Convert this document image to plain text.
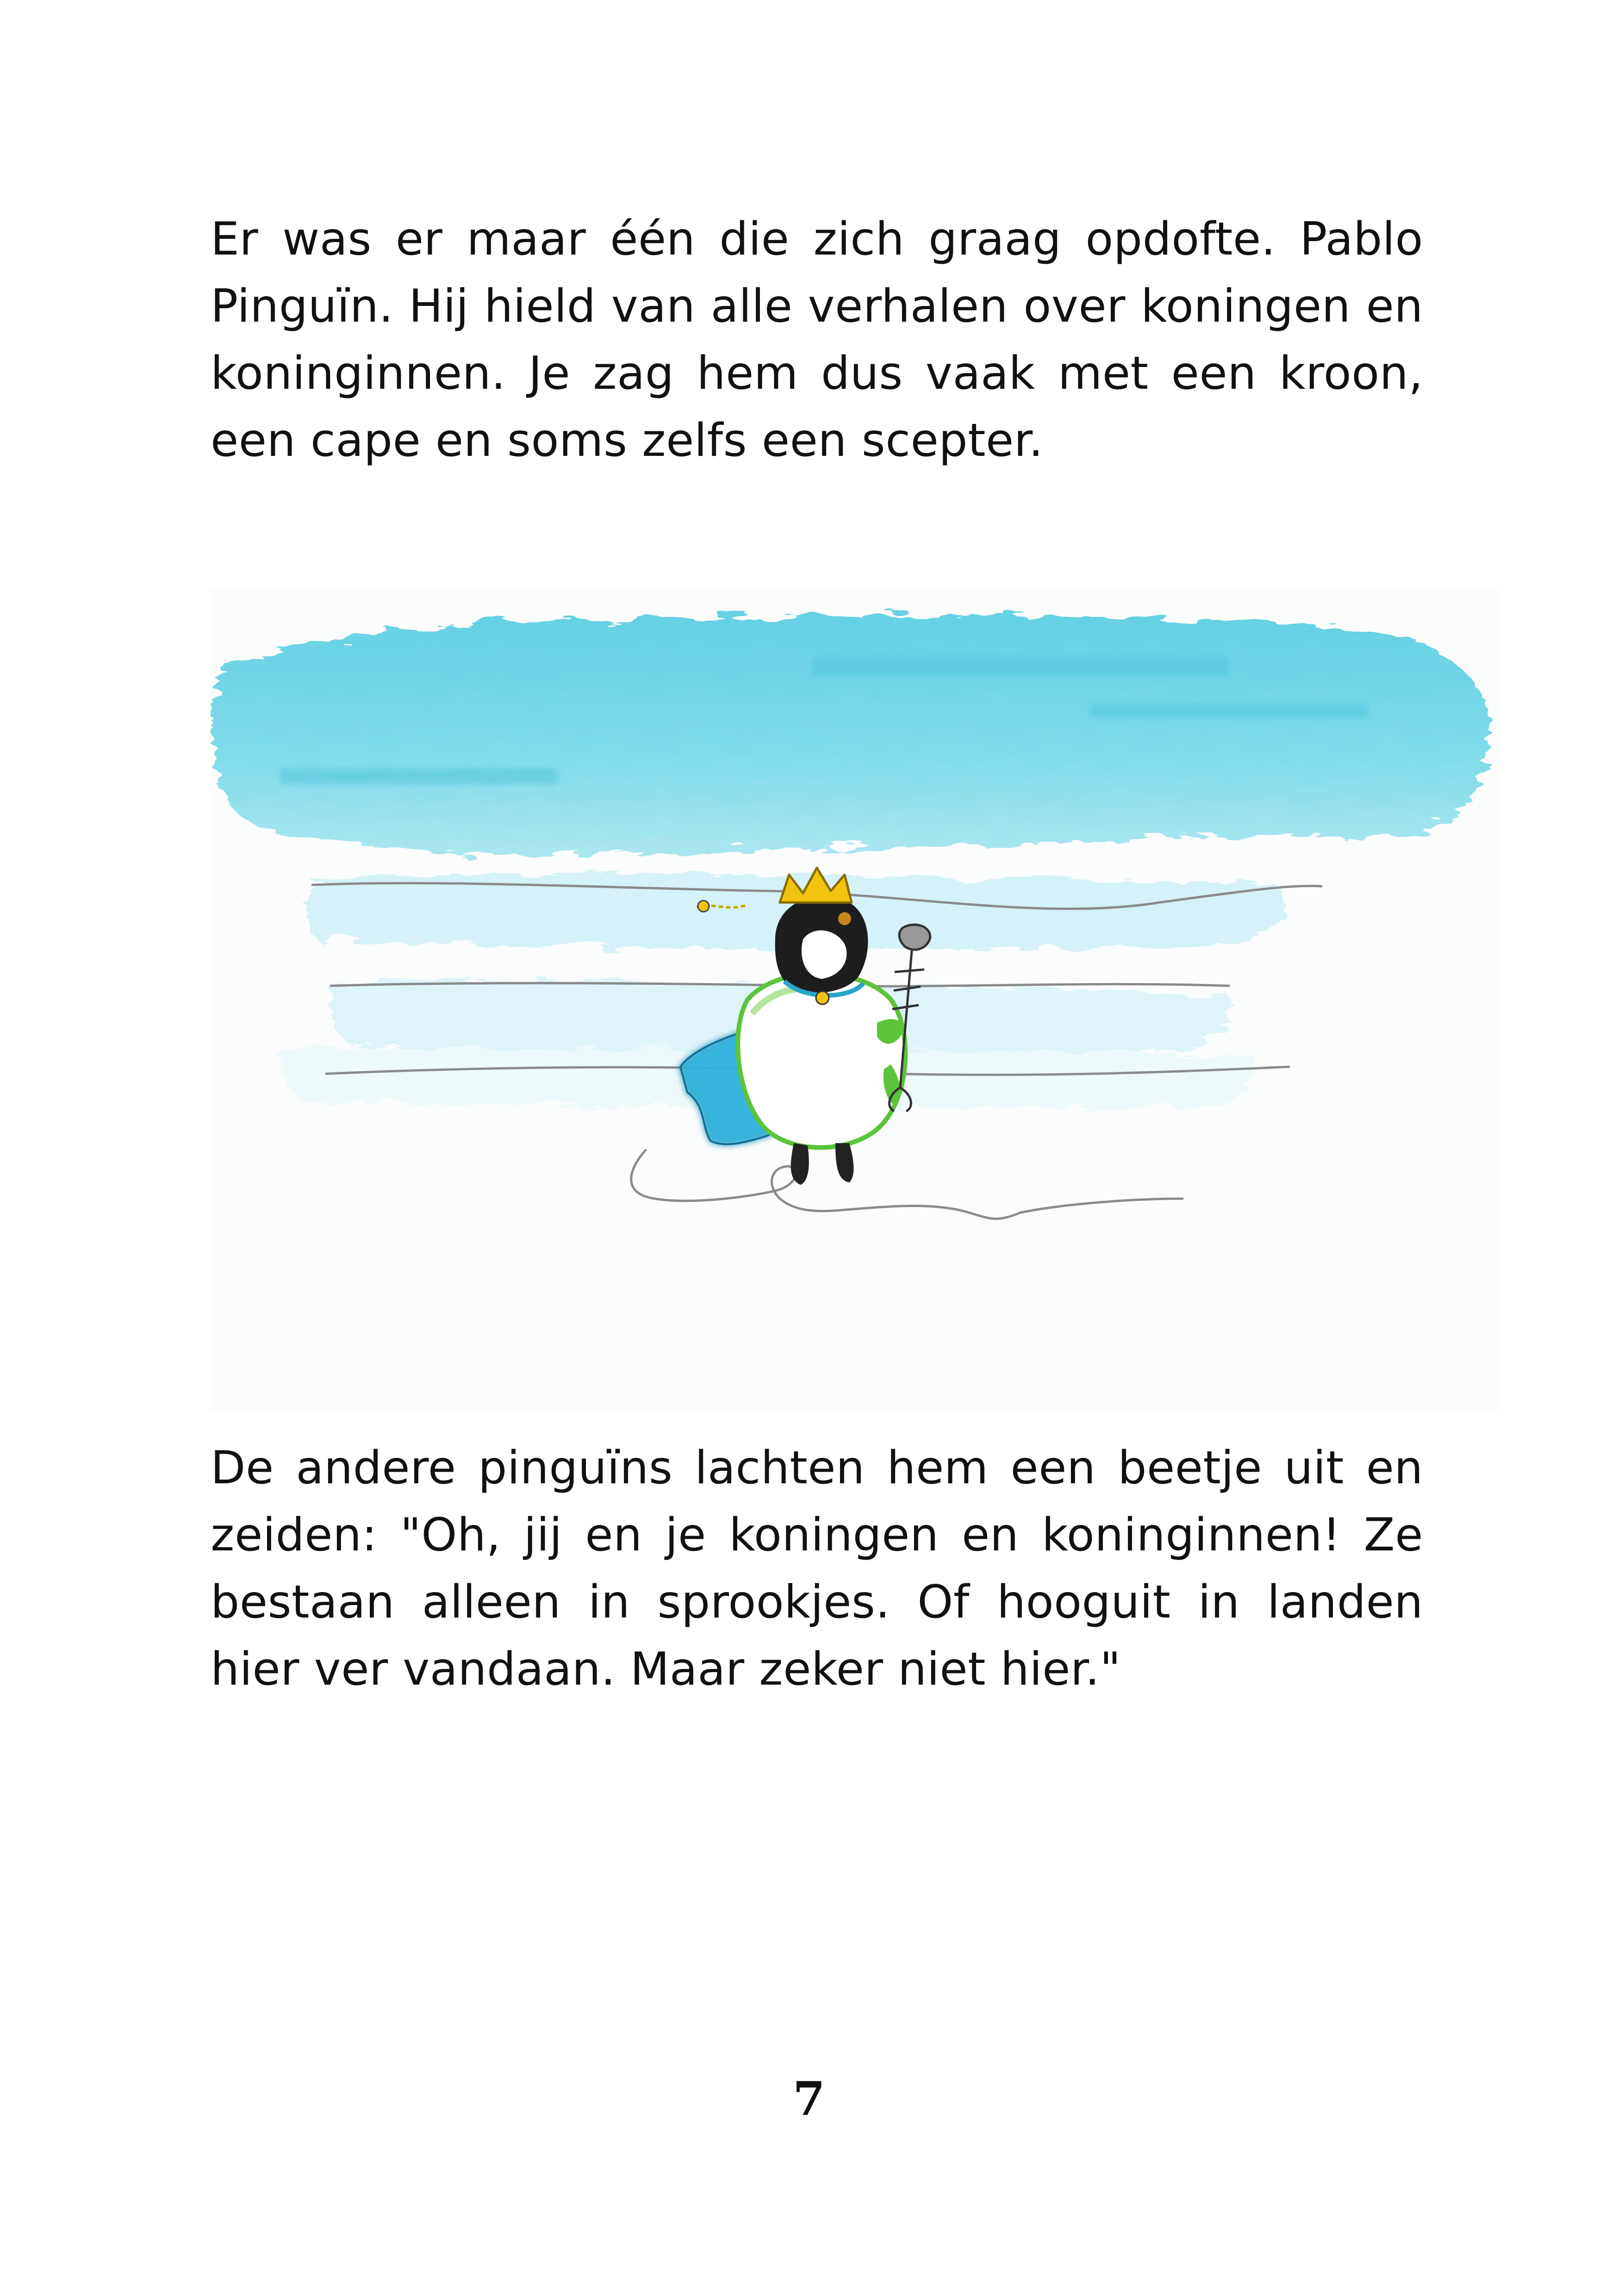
Er was er maar één die zich graag opdofte. Pablo Pinguïn. Hij hield van alle verhalen over koningen en koninginnen. Je zag hem dus vaak met een kroon, een cape en soms zelfs een scepter.

De andere pinguïns lachten hem een beetje uit en zeiden: "Oh, jij en je koningen en koninginnen! Ze bestaan alleen in sprookjes. Of hooguit in landen hier ver vandaan. Maar zeker niet hier."

7
